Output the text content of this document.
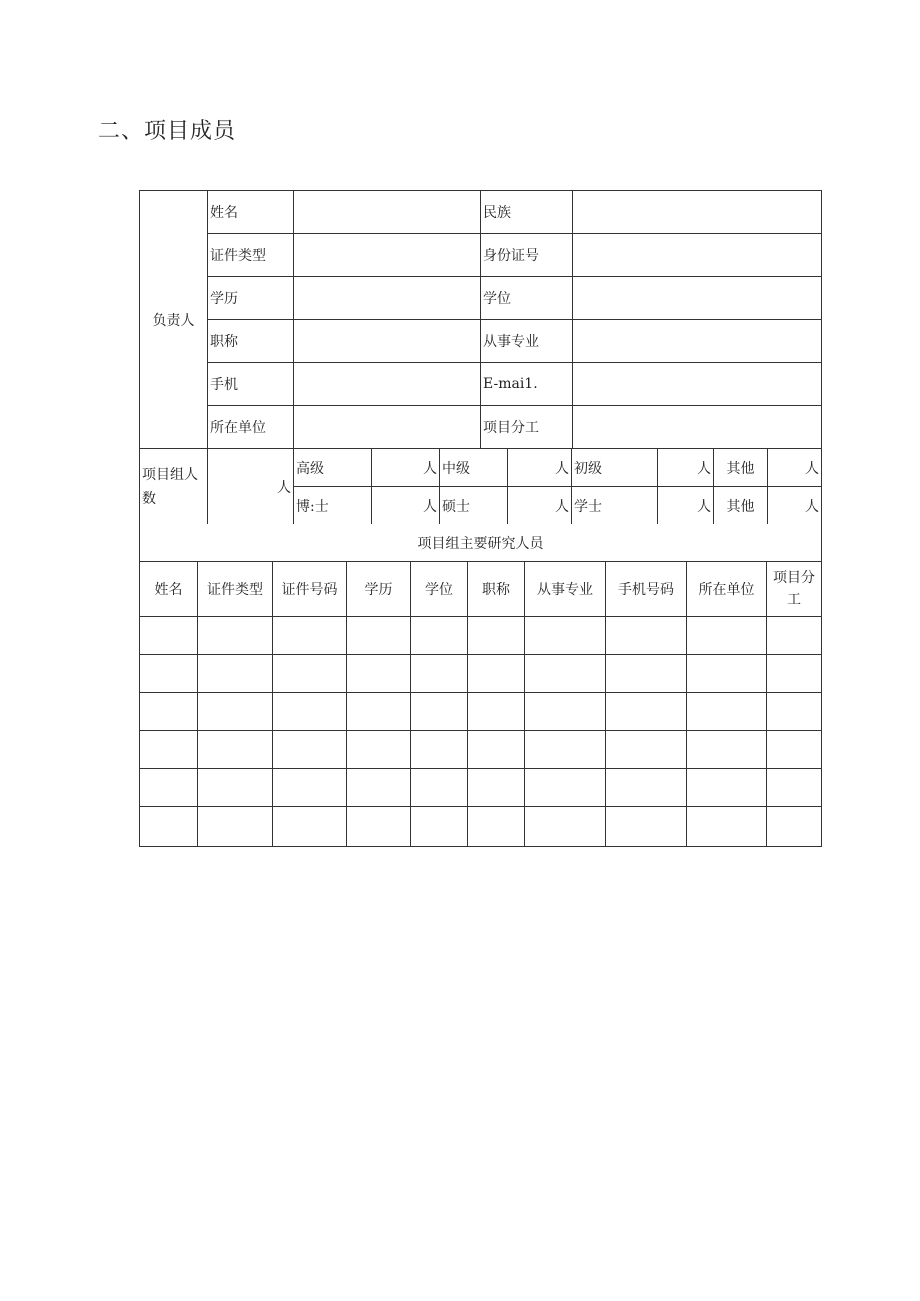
二、项目成员
负责人	姓名		民族	
	证件类型		身份证号	
	学历		学位	
	职称		从事专业	
	手机		E-mai1.	
	所在单位		项目分工	
项目组人数	人	高级	人	中级	人	初级	人	其他	人
		博:士	人	硕士	人	学士	人	其他	人
项目组主要研究人员									
姓名	证件类型	证件号码	学历	学位	职称	从事专业	手机号码	所在单位	项目分工
